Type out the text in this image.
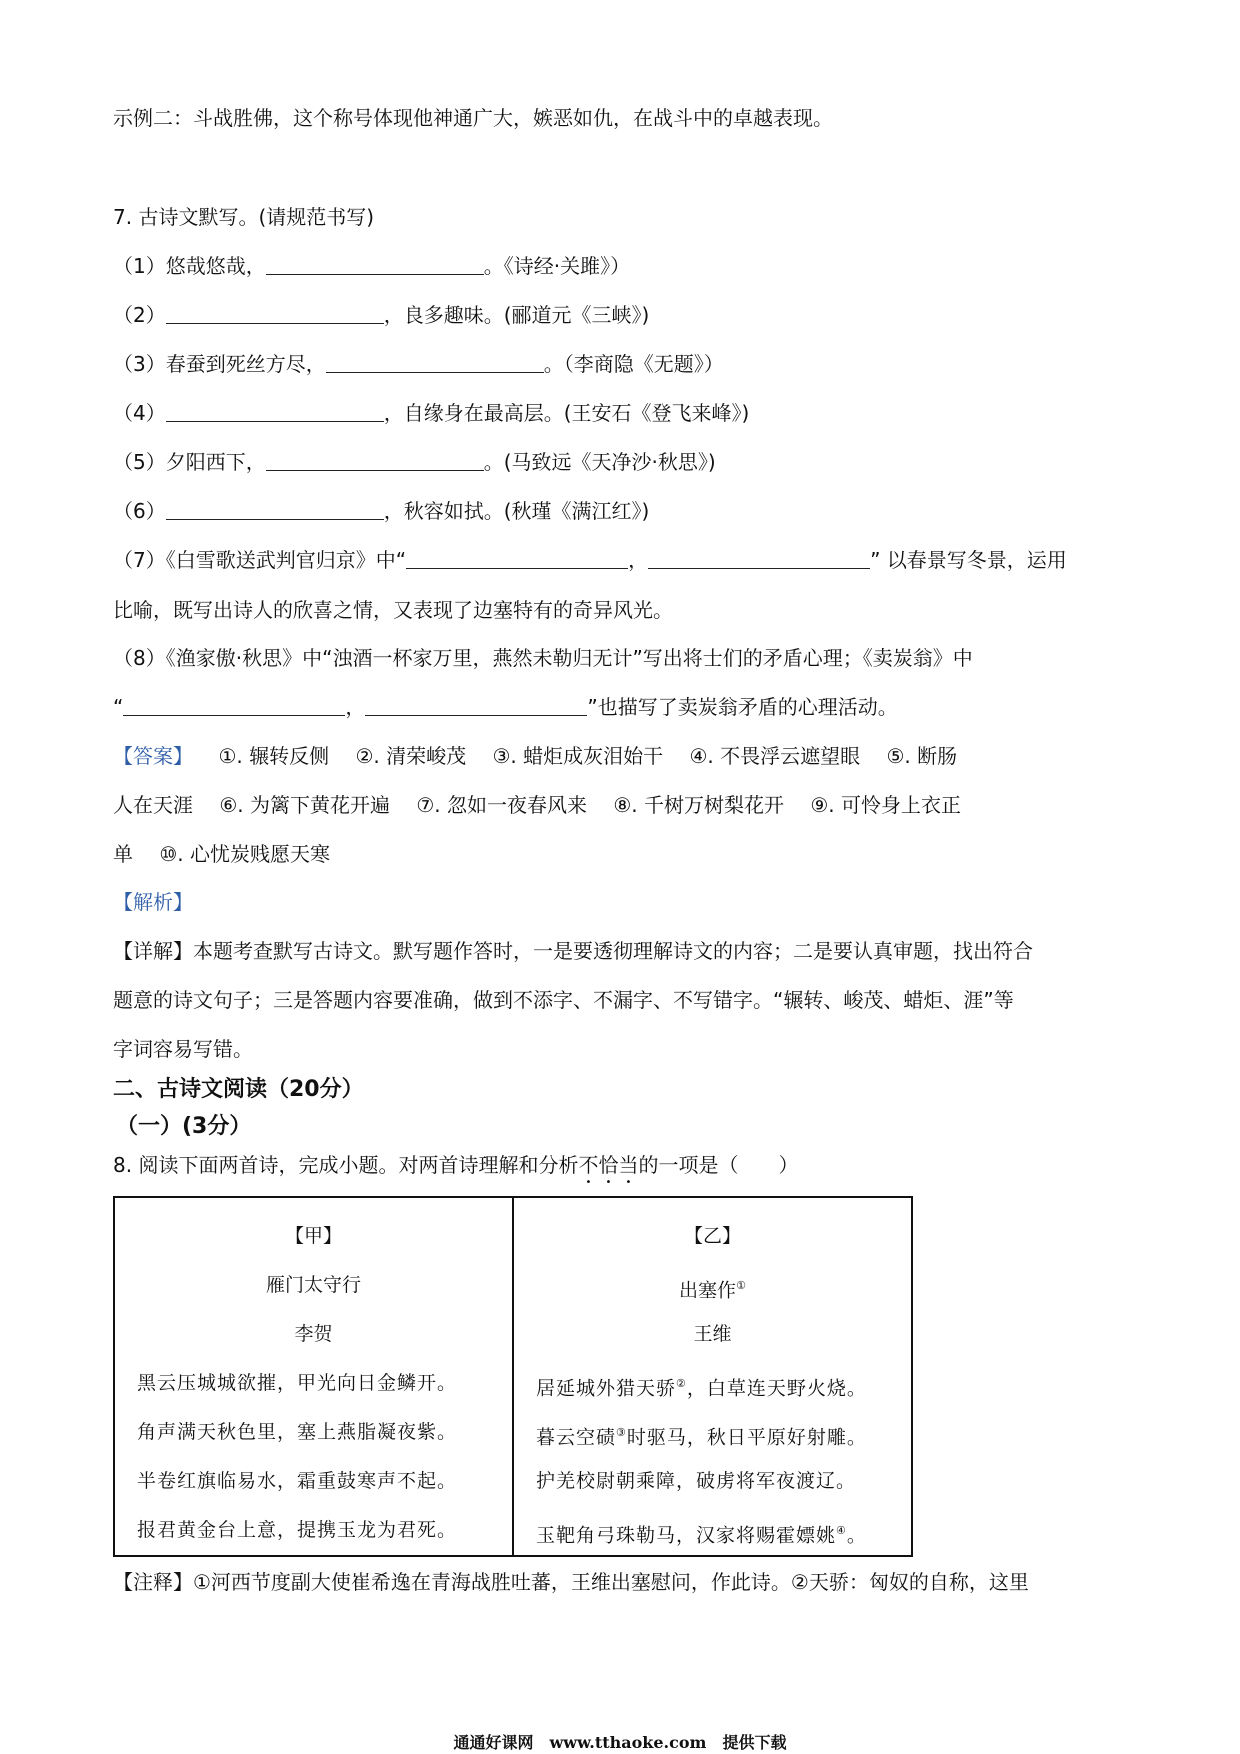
示例二：斗战胜佛，这个称号体现他神通广大，嫉恶如仇，在战斗中的卓越表现。
7. 古诗文默写。(请规范书写)
（1）悠哉悠哉，	。《诗经·关雎》）
（2）	，良多趣味。(郦道元《三峡》)
（3）春蚕到死丝方尽，	。（李商隐《无题》）
（4）	，自缘身在最高层。(王安石《登飞来峰》)
（5）夕阳西下，	。(马致远《天净沙·秋思》)
（6）	，秋容如拭。(秋瑾《满江红》)
（7）《白雪歌送武判官归京》中“	，	” 以春景写冬景，运用
比喻，既写出诗人的欣喜之情，又表现了边塞特有的奇异风光。
（8）《渔家傲·秋思》中“浊酒一杯家万里，燕然未勒归无计”写出将士们的矛盾心理；《卖炭翁》中
“	，	”也描写了卖炭翁矛盾的心理活动。
【答案】 ①. 辗转反侧　 ②. 清荣峻茂　 ③. 蜡炬成灰泪始干　 ④. 不畏浮云遮望眼　 ⑤. 断肠
人在天涯　 ⑥. 为篱下黄花开遍　 ⑦. 忽如一夜春风来　 ⑧. 千树万树梨花开　 ⑨. 可怜身上衣正
单　 ⑩. 心忧炭贱愿天寒
【解析】
【详解】本题考查默写古诗文。默写题作答时，一是要透彻理解诗文的内容；二是要认真审题，找出符合
题意的诗文句子；三是答题内容要准确，做到不添字、不漏字、不写错字。“辗转、峻茂、蜡炬、涯”等
字词容易写错。
二、古诗文阅读（20分）
（一）(3分）
8. 阅读下面两首诗，完成小题。对两首诗理解和分析不恰当的一项是（　　）
【甲】
雁门太守行
李贺
黑云压城城欲摧，甲光向日金鳞开。
角声满天秋色里，塞上燕脂凝夜紫。
半卷红旗临易水，霜重鼓寒声不起。
报君黄金台上意，提携玉龙为君死。

【乙】
出塞作①
王维
居延城外猎天骄②，白草连天野火烧。
暮云空碛③时驱马，秋日平原好射雕。
护羌校尉朝乘障，破虏将军夜渡辽。
玉靶角弓珠勒马，汉家将赐霍嫖姚④。
【注释】①河西节度副大使崔希逸在青海战胜吐蕃，王维出塞慰问，作此诗。②天骄：匈奴的自称，这里
通通好课网　www.tthaoke.com　提供下载
